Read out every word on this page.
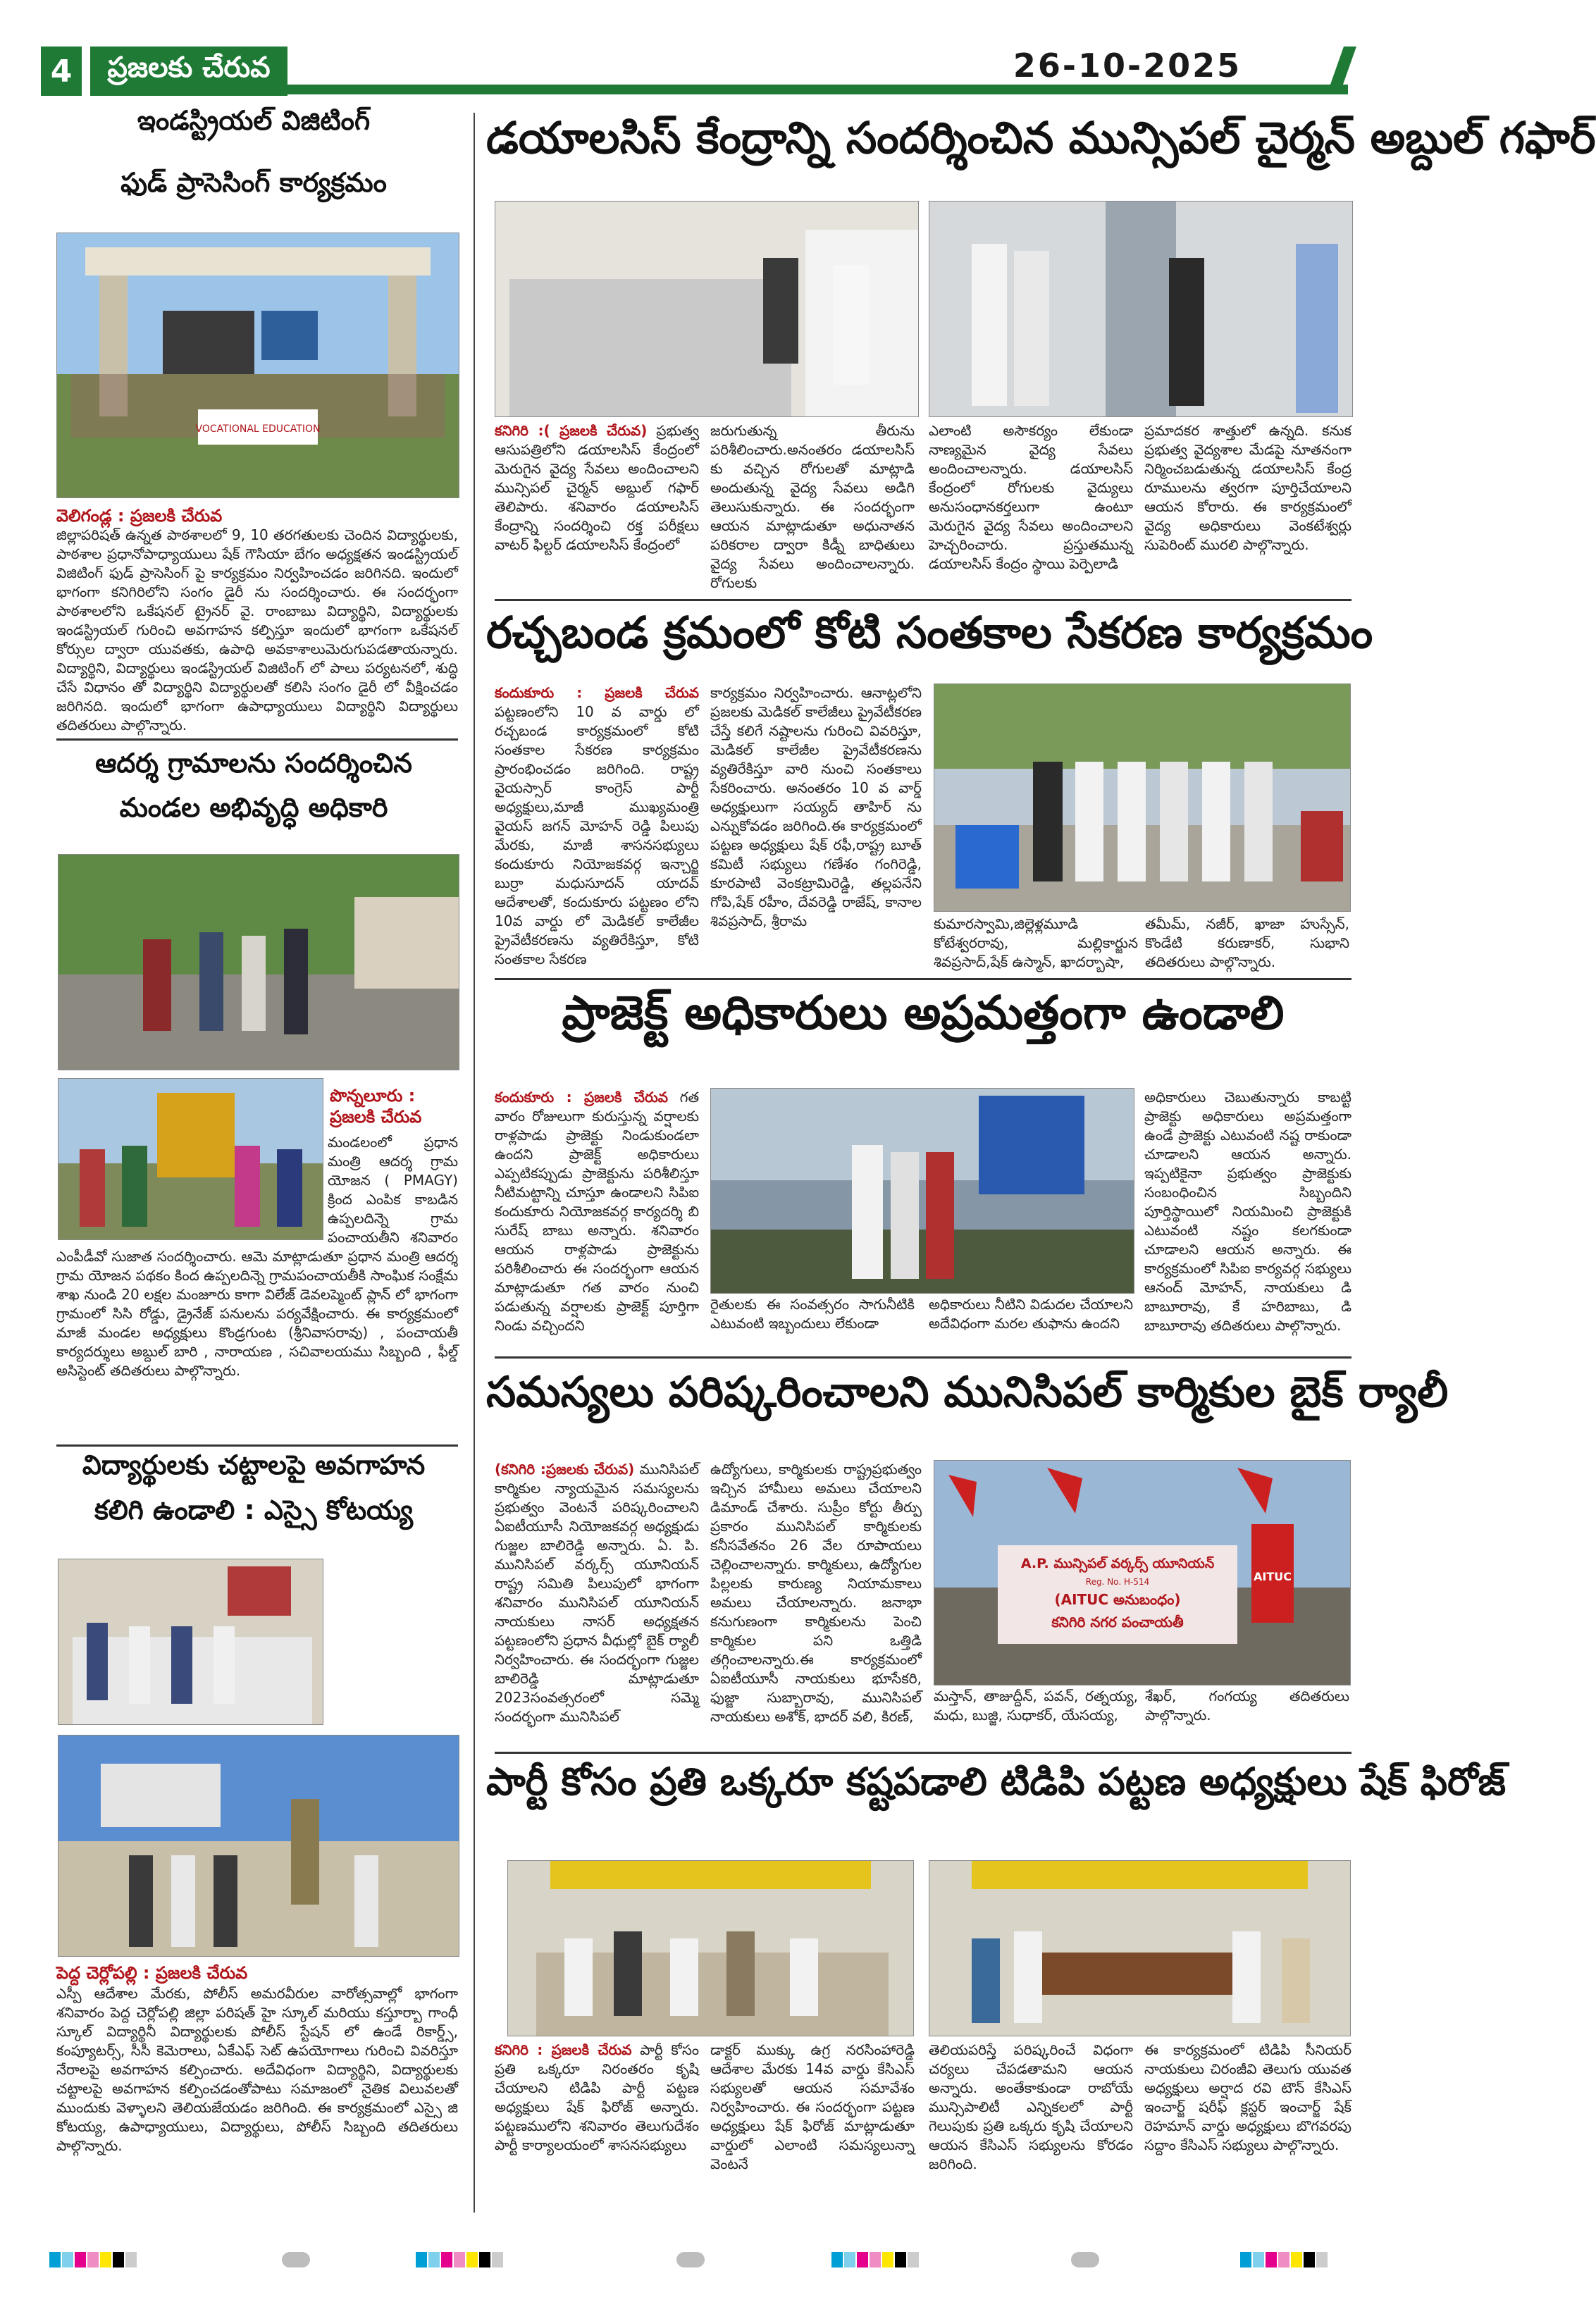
4	ప్రజలకు చేరువ	26-10-2025
ఇండస్ట్రియల్ విజిటింగ్
ఫుడ్ ప్రాసెసింగ్ కార్యక్రమం
VOCATIONAL EDUCATION
వెలిగండ్ల : ప్రజలకి చేరువ
జిల్లాపరిషత్ ఉన్నత పాఠశాలలో 9, 10 తరగతులకు చెందిన విద్యార్థులకు, పాఠశాల ప్రధానోపాధ్యాయులు షేక్ గౌసియా బేగం అధ్యక్షతన ఇండస్ట్రియల్ విజిటింగ్ ఫుడ్ ప్రాసెసింగ్ పై కార్యక్రమం నిర్వహించడం జరిగినది. ఇందులో భాగంగా కనిగిరిలోని సంగం డైరీ ను సందర్శించారు. ఈ సందర్భంగా పాఠశాలలోని ఒకేషనల్ ట్రైనర్ వై. రాంబాబు విద్యార్థిని, విద్యార్థులకు ఇండస్ట్రియల్ గురించి అవగాహన కల్పిస్తూ ఇందులో భాగంగా ఒకేషనల్ కోర్సుల ద్వారా యువతకు, ఉపాధి అవకాశాలుమెరుగుపడతాయన్నారు. విద్యార్థిని, విద్యార్థులు ఇండస్ట్రియల్ విజిటింగ్ లో పాలు పర్యటనలో, శుద్ధి చేసే విధానం తో విద్యార్థిని విద్యార్థులతో కలిసి సంగం డైరీ లో వీక్షించడం జరిగినది. ఇందులో భాగంగా ఉపాధ్యాయులు విద్యార్థిని విద్యార్థులు తదితరులు పాల్గొన్నారు.
ఆదర్శ గ్రామాలను సందర్శించిన
మండల అభివృద్ధి అధికారి
పొన్నలూరు : ప్రజలకి చేరువ
మండలంలో ప్రధాన మంత్రి ఆదర్శ గ్రామ యోజన ( PMAGY) క్రింద ఎంపిక కాబడిన ఉప్పలదిన్నె గ్రామ పంచాయతీని శనివారం ఎంపీడీవో సుజాత సందర్శించారు. ఆమె మాట్లాడుతూ ప్రధాన మంత్రి ఆదర్శ గ్రామ యోజన పథకం కింద ఉప్పలదిన్నె గ్రామపంచాయతీకి సాంఘిక సంక్షేమ శాఖ నుండి 20 లక్షల మంజూరు కాగా విలేజ్ డెవలప్మెంట్ ప్లాన్ లో భాగంగా గ్రామంలో సిసి రోడ్డు, డ్రైనేజ్ పనులను పర్యవేక్షించారు. ఈ కార్యక్రమంలో మాజీ మండల అధ్యక్షులు కొండ్రగుంట (శ్రీనివాసరావు) , పంచాయతీ కార్యదర్శులు అబ్దుల్ బారి , నారాయణ , సచివాలయము సిబ్బంది , ఫీల్డ్ అసిస్టెంట్ తదితరులు పాల్గొన్నారు.
విద్యార్థులకు చట్టాలపై అవగాహన
కలిగి ఉండాలి : ఎస్సై కోటయ్య
పెద్ద చెర్లోపల్లి : ప్రజలకి చేరువ
ఎస్పీ ఆదేశాల మేరకు, పోలీస్ అమరవీరుల వారోత్సవాల్లో భాగంగా శనివారం పెద్ద చెర్లోపల్లి జిల్లా పరిషత్ హై స్కూల్ మరియు కస్తూర్బా గాంధీ స్కూల్ విద్యార్థినీ విద్యార్థులకు పోలీస్ స్టేషన్ లో ఉండే రికార్డ్స్, కంప్యూటర్స్, సీసీ కెమెరాలు, ఏకేఎఫ్ సెట్ ఉపయోగాలు గురించి వివరిస్తూ నేరాలపై అవగాహన కల్పించారు. అదేవిధంగా విద్యార్థిని, విద్యార్థులకు చట్టాలపై అవగాహన కల్పించడంతోపాటు సమాజంలో నైతిక విలువలతో ముందుకు వెళ్ళాలని తెలియజేయడం జరిగింది. ఈ కార్యక్రమంలో ఎస్సై జి కోటయ్య, ఉపాధ్యాయులు, విద్యార్థులు, పోలీస్ సిబ్బంది తదితరులు పాల్గొన్నారు.
డయాలసిస్ కేంద్రాన్ని సందర్శించిన మున్సిపల్ చైర్మన్ అబ్దుల్ గఫార్
కనిగిరి :( ప్రజలకి చేరువ) ప్రభుత్వ ఆసుపత్రిలోని డయాలసిస్ కేంద్రంలో మెరుగైన వైద్య సేవలు అందించాలని మున్సిపల్ చైర్మన్ అబ్దుల్ గఫార్ తెలిపారు. శనివారం డయాలసిస్ కేంద్రాన్ని సందర్శించి రక్త పరీక్షలు వాటర్ ఫిల్టర్ డయాలసిస్ కేంద్రంలో
జరుగుతున్న తీరును పరిశీలించారు.అనంతరం డయాలసిస్ కు వచ్చిన రోగులతో మాట్లాడి అందుతున్న వైద్య సేవలు అడిగి తెలుసుకున్నారు. ఈ సందర్భంగా ఆయన మాట్లాడుతూ అధునాతన పరికరాల ద్వారా కిడ్నీ బాధితులు వైద్య సేవలు అందించాలన్నారు. రోగులకు
ఎలాంటి అసౌకర్యం లేకుండా నాణ్యమైన వైద్య సేవలు అందించాలన్నారు. డయాలసిస్ కేంద్రంలో రోగులకు వైద్యులు అనుసంధానకర్తలుగా ఉంటూ మెరుగైన వైద్య సేవలు అందించాలని హెచ్చరించారు. ప్రస్తుతమున్న డయాలసిస్ కేంద్రం స్థాయి పెర్పెలాడి
ప్రమాదకర శాత్తులో ఉన్నది. కనుక ప్రభుత్వ వైద్యశాల మేడపై నూతనంగా నిర్మించబడుతున్న డయాలసిస్ కేంద్ర రూములను త్వరగా పూర్తిచేయాలని ఆయన కోరారు. ఈ కార్యక్రమంలో వైద్య అధికారులు వెంకటేశ్వర్లు సుపెరింట్ మురలి పాల్గొన్నారు.
రచ్చబండ క్రమంలో కోటి సంతకాల సేకరణ కార్యక్రమం
కందుకూరు : ప్రజలకి చేరువ పట్టణంలోని 10 వ వార్డు లో రచ్చబండ కార్యక్రమంలో కోటి సంతకాల సేకరణ కార్యక్రమం ప్రారంభించడం జరిగింది. రాష్ట్ర వైయస్సార్ కాంగ్రెస్ పార్టీ అధ్యక్షులు,మాజీ ముఖ్యమంత్రి వైయస్ జగన్ మోహన్ రెడ్డి పిలుపు మేరకు, మాజీ శాసనసభ్యులు కందుకూరు నియోజకవర్గ ఇన్చార్జి బుర్రా మధుసూదన్ యాదవ్ ఆదేశాలతో, కందుకూరు పట్టణం లోని 10వ వార్డు లో మెడికల్ కాలేజీల ప్రైవేటీకరణను వ్యతిరేకిస్తూ, కోటి సంతకాల సేకరణ
కార్యక్రమం నిర్వహించారు. ఆనాట్లలోని ప్రజలకు మెడికల్ కాలేజీలు ప్రైవేటీకరణ చేస్తే కలిగే నష్టాలను గురించి వివరిస్తూ, మెడికల్ కాలేజీల ప్రైవేటీకరణను వ్యతిరేకిస్తూ వారి నుంచి సంతకాలు సేకరించారు. అనంతరం 10 వ వార్డ్ అధ్యక్షులుగా సయ్యద్ తాహిర్ ను ఎన్నుకోవడం జరిగింది.ఈ కార్యక్రమంలో పట్టణ అధ్యక్షులు షేక్ రఫీ,రాష్ట్ర బూత్ కమిటీ సభ్యులు గణేశం గంగిరెడ్డి, కూరపాటి వెంకట్రామిరెడ్డి, తల్లపనేని గోపి,షేక్ రహీం, దేవరెడ్డి రాజేష్, కానాల శివప్రసాద్, శ్రీరామ	కుమారస్వామి,జిల్లెళ్లమూడి కోటేశ్వరరావు, మల్లికార్జున శివప్రసాద్,షేక్ ఉస్మాన్, ఖాదర్బాషా,
తమీమ్, నజీర్, ఖాజా హుస్సేన్, కొండేటి కరుణాకర్, సుభాని తదితరులు పాల్గొన్నారు.
ప్రాజెక్ట్ అధికారులు అప్రమత్తంగా ఉండాలి
కందుకూరు : ప్రజలకి చేరువ గత వారం రోజులుగా కురుస్తున్న వర్షాలకు రాళ్లపాడు ప్రాజెక్టు నిండుకుండలా ఉందని ప్రాజెక్ట్ అధికారులు ఎప్పటికప్పుడు ప్రాజెక్టును పరిశీలిస్తూ నీటిమట్టాన్ని చూస్తూ ఉండాలని సిపిఐ కందుకూరు నియోజకవర్గ కార్యదర్శి బి సురేష్ బాబు అన్నారు. శనివారం ఆయన రాళ్లపాడు ప్రాజెక్టును పరిశీలించారు ఈ సందర్భంగా ఆయన మాట్లాడుతూ గత వారం నుంచి పడుతున్న వర్షాలకు ప్రాజెక్ట్ పూర్తిగా నిండు వచ్చిందని
రైతులకు ఈ సంవత్సరం సాగునీటికి ఎటువంటి ఇబ్బందులు లేకుండా
అధికారులు నీటిని విడుదల చేయాలని అదేవిధంగా మరల తుఫాను ఉందని
అధికారులు చెబుతున్నారు కాబట్టి ప్రాజెక్టు అధికారులు అప్రమత్తంగా ఉండే ప్రాజెక్టు ఎటువంటి నష్ట రాకుండా చూడాలని ఆయన అన్నారు. ఇప్పటికైనా ప్రభుత్వం ప్రాజెక్టుకు సంబంధించిన సిబ్బందిని పూర్తిస్థాయిలో నియమించి ప్రాజెక్టుకి ఎటువంటి నష్టం కలగకుండా చూడాలని ఆయన అన్నారు. ఈ కార్యక్రమంలో సిపిఐ కార్యవర్గ సభ్యులు ఆనంద్ మోహన్, నాయకులు డి బాబూరావు, కే హరిబాబు, డి బాబూరావు తదితరులు పాల్గొన్నారు.
సమస్యలు పరిష్కరించాలని మునిసిపల్ కార్మికుల బైక్ ర్యాలీ
(కనిగిరి :ప్రజలకు చేరువ) మునిసిపల్ కార్మికుల న్యాయమైన సమస్యలను ప్రభుత్వం వెంటనే పరిష్కరించాలని ఏఐటీయూసీ నియోజకవర్గ అధ్యక్షుడు గుజ్జల బాలిరెడ్డి అన్నారు. ఏ. పి. మునిసిపల్ వర్కర్స్ యూనియన్ రాష్ట్ర సమితి పిలుపులో భాగంగా శనివారం మునిసిపల్ యూనియన్ నాయకులు నాసర్ అధ్యక్షతన పట్టణంలోని ప్రధాన వీధుల్లో బైక్ ర్యాలీ నిర్వహించారు. ఈ సందర్భంగా గుజ్జల బాలిరెడ్డి మాట్లాడుతూ 2023సంవత్సరంలో సమ్మె సందర్భంగా మునిసిపల్
ఉద్యోగులు, కార్మికులకు రాష్ట్రప్రభుత్వం ఇచ్చిన హామీలు అమలు చేయాలని డిమాండ్ చేశారు. సుప్రీం కోర్టు తీర్పు ప్రకారం మునిసిపల్ కార్మికులకు కనీసవేతనం 26 వేల రూపాయలు చెల్లించాలన్నారు. కార్మికులు, ఉద్యోగుల పిల్లలకు కారుణ్య నియామకాలు అమలు చేయాలన్నారు. జనాభా కనుగుణంగా కార్మికులను పెంచి కార్మికుల పని ఒత్తిడి తగ్గించాలన్నారు.ఈ కార్యక్రమంలో ఏఐటీయూసీ నాయకులు భూసేకరి, ఫుజ్జా సుబ్బారావు, మునిసిపల్ నాయకులు అశోక్, భాదర్ వలి, కిరణ్,
A.P. మున్సిపల్ వర్కర్స్ యూనియన్
Reg. No. H-514
(AITUC అనుబంధం)
కనిగిరి నగర పంచాయతీ
AITUC
మస్తాన్, తాజుద్దీన్, పవన్, రత్నయ్య, మధు, బుజ్జి, సుధాకర్, యేసయ్య,
శేఖర్, గంగయ్య తదితరులు పాల్గొన్నారు.
పార్టీ కోసం ప్రతి ఒక్కరూ కష్టపడాలి టిడిపి పట్టణ అధ్యక్షులు షేక్ ఫిరోజ్
కనిగిరి : ప్రజలకి చేరువ పార్టీ కోసం ప్రతి ఒక్కరూ నిరంతరం కృషి చేయాలని టిడిపి పార్టీ పట్టణ అధ్యక్షులు షేక్ ఫిరోజ్ అన్నారు. పట్టణములోని శనివారం తెలుగుదేశం పార్టీ కార్యాలయంలో శాసనసభ్యులు
డాక్టర్ ముక్కు ఉగ్ర నరసింహారెడ్డి ఆదేశాల మేరకు 14వ వార్డు కేసిఎస్ సభ్యులతో ఆయన సమావేశం నిర్వహించారు. ఈ సందర్భంగా పట్టణ అధ్యక్షులు షేక్ ఫిరోజ్ మాట్లాడుతూ వార్డులో ఎలాంటి సమస్యలున్నా వెంటనే
తెలియపరిస్తే పరిష్కరించే విధంగా చర్యలు చేపడతామని ఆయన అన్నారు. అంతేకాకుండా రాబోయే మున్సిపాలిటీ ఎన్నికలలో పార్టీ గెలుపుకు ప్రతి ఒక్కరు కృషి చేయాలని ఆయన కేసిఎస్ సభ్యులను కోరడం జరిగింది.
ఈ కార్యక్రమంలో టిడిపి సీనియర్ నాయకులు చిరంజీవి తెలుగు యువత అధ్యక్షులు అర్షాద రవి టౌన్ కేసిఎస్ ఇంచార్జ్ షరీఫ్ క్లస్టర్ ఇంచార్జ్ షేక్ రెహమాన్ వార్డు అధ్యక్షులు బొగవరపు సద్దాం కేసిఎస్ సభ్యులు పాల్గొన్నారు.
